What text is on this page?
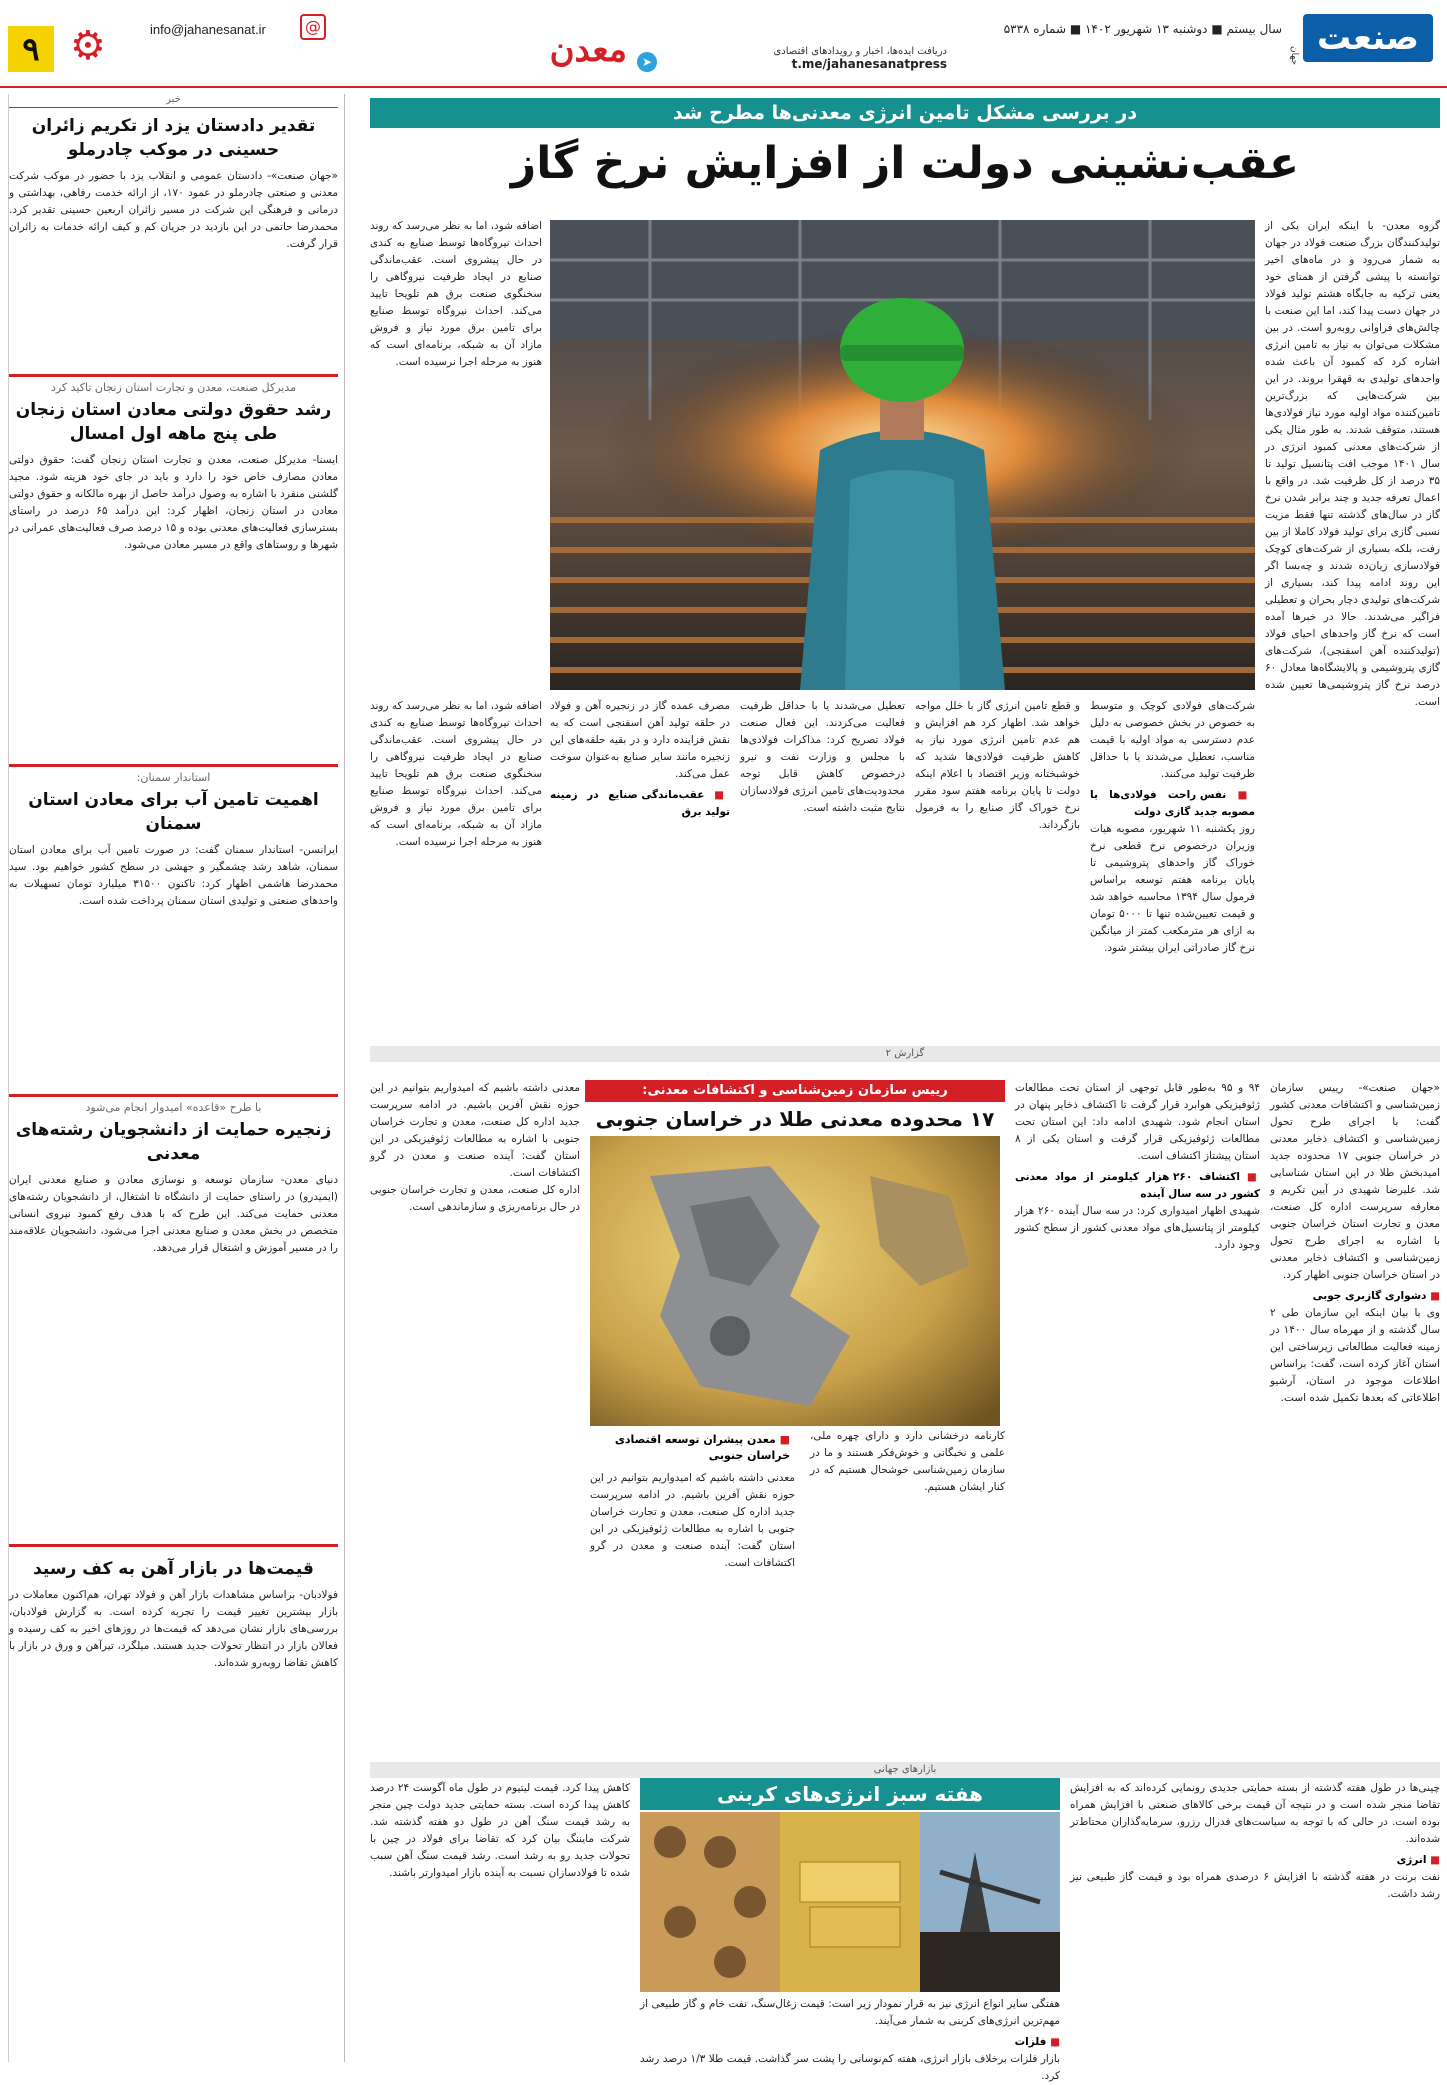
صنعت
جهان
سال بیستم ■ دوشنبه ۱۳ شهریور ۱۴۰۲ ■ شماره ۵۳۳۸
دریافت ایده‌ها، اخبار و رویدادهای اقتصادی
t.me/jahanesanatpress
➤
معدن
info@jahanesanat.ir	@
⚙
۹
خبر
تقدیر دادستان یزد از تکریم زائران حسینی در موکب چادرملو
«جهان صنعت»- دادستان عمومی و انقلاب یزد با حضور در موکب شرکت معدنی و صنعتی چادرملو در عمود ۱۷۰، از ارائه خدمت رفاهی، بهداشتی و درمانی و فرهنگی این شرکت در مسیر زائران اربعین حسینی تقدیر کرد. محمدرضا حاتمی در این بازدید در جریان کم و کیف ارائه خدمات به زائران قرار گرفت.
مدیرکل صنعت، معدن و تجارت استان زنجان تاکید کرد
رشد حقوق دولتی معادن استان زنجان طی پنج ماهه اول امسال
ایسنا- مدیرکل صنعت، معدن و تجارت استان زنجان گفت: حقوق دولتی معادن مصارف خاص خود را دارد و باید در جای خود هزینه شود. مجید گلشنی منفرد با اشاره به وصول درآمد حاصل از بهره مالکانه و حقوق دولتی معادن در استان زنجان، اظهار کرد: این درآمد ۶۵ درصد در راستای بسترسازی فعالیت‌های معدنی بوده و ۱۵ درصد صرف فعالیت‌های عمرانی در شهرها و روستاهای واقع در مسیر معادن می‌شود.
استاندار سمنان:
اهمیت تامین آب برای معادن استان سمنان
ایرانسن- استاندار سمنان گفت: در صورت تامین آب برای معادن استان سمنان، شاهد رشد چشمگیر و جهشی در سطح کشور خواهیم بود. سید محمدرضا هاشمی اظهار کرد: تاکنون ۳۱۵۰۰ میلیارد تومان تسهیلات به واحدهای صنعتی و تولیدی استان سمنان پرداخت شده است.
با طرح «قاعده» امیدوار انجام می‌شود
زنجیره حمایت از دانشجویان رشته‌های معدنی
دنیای معدن- سازمان توسعه و نوسازی معادن و صنایع معدنی ایران (ایمیدرو) در راستای حمایت از دانشگاه تا اشتغال، از دانشجویان رشته‌های معدنی حمایت می‌کند. این طرح که با هدف رفع کمبود نیروی انسانی متخصص در بخش معدن و صنایع معدنی اجرا می‌شود، دانشجویان علاقه‌مند را در مسیر آموزش و اشتغال قرار می‌دهد.
قیمت‌ها در بازار آهن به کف رسید
فولادبان- براساس مشاهدات بازار آهن و فولاد تهران، هم‌اکنون معاملات در بازار بیشترین تغییر قیمت را تجربه کرده است. به گزارش فولادبان، بررسی‌های بازار نشان می‌دهد که قیمت‌ها در روزهای اخیر به کف رسیده و فعالان بازار در انتظار تحولات جدید هستند. میلگرد، تیرآهن و ورق در بازار با کاهش تقاضا روبه‌رو شده‌اند.
در بررسی مشکل تامین انرژی معدنی‌ها مطرح شد
عقب‌نشینی دولت از افزایش نرخ گاز
گروه معدن- با اینکه ایران یکی از تولیدکنندگان بزرگ صنعت فولاد در جهان به شمار می‌رود و در ماه‌های اخیر توانسته با پیشی گرفتن از همتای خود یعنی ترکیه به جایگاه هشتم تولید فولاد در جهان دست پیدا کند، اما این صنعت با چالش‌های فراوانی روبه‌رو است. در بین مشکلات می‌توان به نیاز به تامین انرژی اشاره کرد که کمبود آن باعث شده واحدهای تولیدی به قهقرا بروند. در این بین شرکت‌هایی که بزرگ‌ترین تامین‌کننده مواد اولیه مورد نیاز فولادی‌ها هستند، متوقف شدند. به طور مثال یکی از شرکت‌های معدنی کمبود انرژی در سال ۱۴۰۱ موجب افت پتانسیل تولید تا ۳۵ درصد از کل ظرفیت شد. در واقع با اعمال تعرفه جدید و چند برابر شدن نرخ گاز در سال‌های گذشته تنها فقط مزیت نسبی گازی برای تولید فولاد کاملا از بین رفت، بلکه بسیاری از شرکت‌های کوچک فولادسازی زیان‌ده شدند و چه‌بسا اگر این روند ادامه پیدا کند، بسیاری از شرکت‌های تولیدی دچار بحران و تعطیلی فراگیر می‌شدند. حالا در خبرها آمده است که نرخ گاز واحدهای احیای فولاد (تولیدکننده آهن اسفنجی)، شرکت‌های گازی پتروشیمی و پالایشگاه‌ها معادل ۶۰ درصد نرخ گاز پتروشیمی‌ها تعیین شده است.
اضافه شود، اما به نظر می‌رسد که روند احداث نیروگاه‌ها توسط صنایع به کندی در حال پیشروی است. عقب‌ماندگی صنایع در ایجاد ظرفیت نیروگاهی را سخنگوی صنعت برق هم تلویحا تایید می‌کند. احداث نیروگاه توسط صنایع برای تامین برق مورد نیاز و فروش مازاد آن به شبکه، برنامه‌ای است که هنوز به مرحله اجرا نرسیده است.
شرکت‌های فولادی کوچک و متوسط به خصوص در بخش خصوصی به دلیل عدم دسترسی به مواد اولیه با قیمت مناسب، تعطیل می‌شدند یا با حداقل ظرفیت تولید می‌کنند.
■ نفس راحت فولادی‌ها با مصوبه جدید گازی دولت
روز یکشنبه ۱۱ شهریور، مصوبه هیات وزیران درخصوص نرخ قطعی نرخ خوراک گاز واحدهای پتروشیمی تا پایان برنامه هفتم توسعه براساس فرمول سال ۱۳۹۴ محاسبه خواهد شد و قیمت تعیین‌شده تنها تا ۵۰۰۰ تومان به ازای هر مترمکعب کمتر از میانگین نرخ گاز صادراتی ایران بیشتر شود.
و قطع تامین انرژی گاز با خلل مواجه خواهد شد. اظهار کرد هم افزایش و هم عدم تامین انرژی مورد نیاز به کاهش ظرفیت فولادی‌ها شدید که خوشبختانه وزیر اقتصاد با اعلام اینکه دولت تا پایان برنامه هفتم سود مقرر نرخ خوراک گاز صنایع را به فرمول بازگرداند.
تعطیل می‌شدند یا با حداقل ظرفیت فعالیت می‌کردند. این فعال صنعت فولاد تصریح کرد: مذاکرات فولادی‌ها با مجلس و وزارت نفت و نیرو درخصوص کاهش قابل توجه محدودیت‌های تامین انرژی فولادسازان نتایج مثبت داشته است.
مصرف عمده گاز در زنجیره آهن و فولاد در حلقه تولید آهن اسفنجی است که به نقش فزاینده دارد و در بقیه حلقه‌های این زنجیره مانند سایر صنایع به‌عنوان سوخت عمل می‌کند.
■ عقب‌ماندگی صنایع در زمینه تولید برق
اضافه شود، اما به نظر می‌رسد که روند احداث نیروگاه‌ها توسط صنایع به کندی در حال پیشروی است. عقب‌ماندگی صنایع در ایجاد ظرفیت نیروگاهی را سخنگوی صنعت برق هم تلویحا تایید می‌کند. احداث نیروگاه توسط صنایع برای تامین برق مورد نیاز و فروش مازاد آن به شبکه، برنامه‌ای است که هنوز به مرحله اجرا نرسیده است.
گزارش ۲
«جهان صنعت»- رییس سازمان زمین‌شناسی و اکتشافات معدنی کشور گفت: با اجرای طرح تحول زمین‌شناسی و اکتشاف ذخایر معدنی در خراسان جنوبی ۱۷ محدوده جدید امیدبخش طلا در این استان شناسایی شد. علیرضا شهیدی در آیین تکریم و معارفه سرپرست اداره کل صنعت، معدن و تجارت استان خراسان جنوبی با اشاره به اجرای طرح تحول زمین‌شناسی و اکتشاف ذخایر معدنی در استان خراسان جنوبی اظهار کرد.
■ دشواری گازبری جوبی
وی با بیان اینکه این سازمان طی ۲ سال گذشته و از مهرماه سال ۱۴۰۰ در زمینه فعالیت مطالعاتی زیرساختی این استان آغاز کرده است، گفت: براساس اطلاعات موجود در استان، آرشیو اطلاعاتی که بعدها تکمیل شده است.
۹۴ و ۹۵ به‌طور قابل توجهی از استان تحت مطالعات ژئوفیزیکی هوابرد قرار گرفت تا اکتشاف ذخایر پنهان در استان انجام شود. شهیدی ادامه داد: این استان تحت مطالعات ژئوفیزیکی قرار گرفت و استان یکی از ۸ استان پیشتاز اکتشاف است.
■ اکتشاف ۲۶۰ هزار کیلومتر از مواد معدنی کشور در سه سال آینده
شهیدی اظهار امیدواری کرد: در سه سال آینده ۲۶۰ هزار کیلومتر از پتانسیل‌های مواد معدنی کشور از سطح کشور وجود دارد.
رییس سازمان زمین‌شناسی و اکتشافات معدنی:
۱۷ محدوده معدنی طلا در خراسان جنوبی
کارنامه درخشانی دارد و دارای چهره ملی، علمی و نخبگانی و خوش‌فکر هستند و ما در سازمان زمین‌شناسی خوشحال هستیم که در کنار ایشان هستیم.
■ معدن پیشران توسعه اقتصادی خراسان جنوبی
معدنی داشته باشیم که امیدواریم بتوانیم در این حوزه نقش آفرین باشیم. در ادامه سرپرست جدید اداره کل صنعت، معدن و تجارت خراسان جنوبی با اشاره به مطالعات ژئوفیزیکی در این استان گفت: آینده صنعت و معدن در گرو اکتشافات است.
معدنی داشته باشیم که امیدواریم بتوانیم در این حوزه نقش آفرین باشیم. در ادامه سرپرست جدید اداره کل صنعت، معدن و تجارت خراسان جنوبی با اشاره به مطالعات ژئوفیزیکی در این استان گفت: آینده صنعت و معدن در گرو اکتشافات است.
اداره کل صنعت، معدن و تجارت خراسان جنوبی در حال برنامه‌ریزی و سازماندهی است.
بازارهای جهانی
هفته سبز انرژی‌های کربنی	چینی‌ها در طول هفته گذشته از بسته حمایتی جدیدی رونمایی کرده‌اند که به افزایش تقاضا منجر شده است و در نتیجه آن قیمت برخی کالاهای صنعتی با افزایش همراه بوده است. در حالی که با توجه به سیاست‌های فدرال رزرو، سرمایه‌گذاران محتاط‌تر شده‌اند.
■ انرژی
نفت برنت در هفته گذشته با افزایش ۶ درصدی همراه بود و قیمت گاز طبیعی نیز رشد داشت.
هفتگی سایر انواع انرژی نیز به قرار نمودار زیر است: قیمت زغال‌سنگ، نفت خام و گاز طبیعی از مهم‌ترین انرژی‌های کربنی به شمار می‌آیند.
■ فلزات
بازار فلزات برخلاف بازار انرژی، هفته کم‌نوسانی را پشت سر گذاشت. قیمت طلا ۱/۳ درصد رشد کرد.
کاهش پیدا کرد. قیمت لیتیوم در طول ماه آگوست ۲۴ درصد کاهش پیدا کرده است. بسته حمایتی جدید دولت چین منجر به رشد قیمت سنگ آهن در طول دو هفته گذشته شد. شرکت مایننگ بیان کرد که تقاضا برای فولاد در چین با تحولات جدید رو به رشد است. رشد قیمت سنگ آهن سبب شده تا فولادسازان نسبت به آینده بازار امیدوارتر باشند.
